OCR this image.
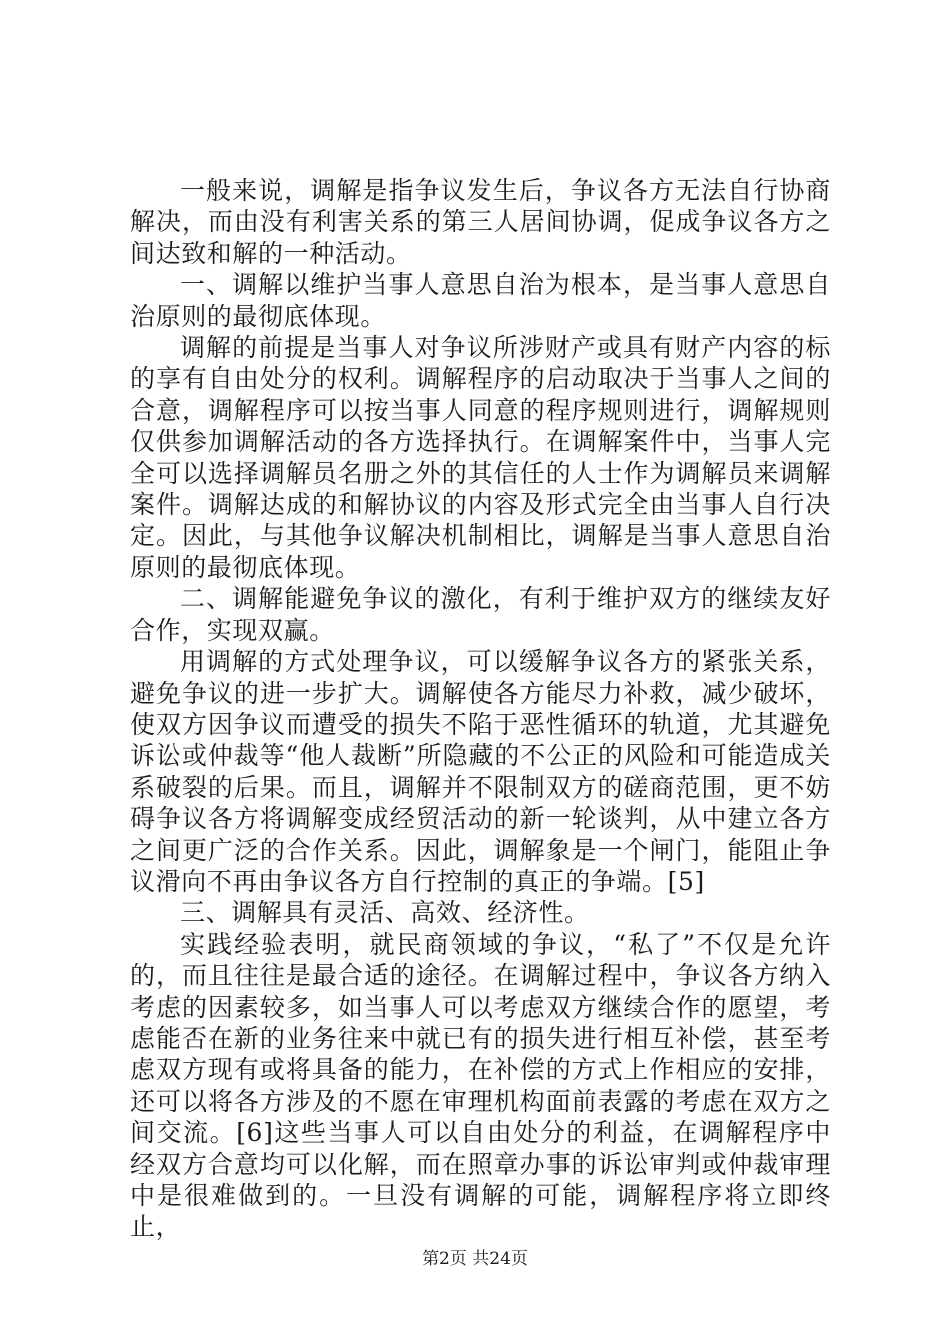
一般来说，调解是指争议发生后，争议各方无法自行协商解决，而由没有利害关系的第三人居间协调，促成争议各方之间达致和解的一种活动。

一、调解以维护当事人意思自治为根本，是当事人意思自治原则的最彻底体现。

调解的前提是当事人对争议所涉财产或具有财产内容的标的享有自由处分的权利。调解程序的启动取决于当事人之间的合意，调解程序可以按当事人同意的程序规则进行，调解规则仅供参加调解活动的各方选择执行。在调解案件中，当事人完全可以选择调解员名册之外的其信任的人士作为调解员来调解案件。调解达成的和解协议的内容及形式完全由当事人自行决定。因此，与其他争议解决机制相比，调解是当事人意思自治原则的最彻底体现。

二、调解能避免争议的激化，有利于维护双方的继续友好合作，实现双赢。

用调解的方式处理争议，可以缓解争议各方的紧张关系，避免争议的进一步扩大。调解使各方能尽力补救，减少破坏，使双方因争议而遭受的损失不陷于恶性循环的轨道，尤其避免诉讼或仲裁等“他人裁断”所隐藏的不公正的风险和可能造成关系破裂的后果。而且，调解并不限制双方的磋商范围，更不妨碍争议各方将调解变成经贸活动的新一轮谈判，从中建立各方之间更广泛的合作关系。因此，调解象是一个闸门，能阻止争议滑向不再由争议各方自行控制的真正的争端。[5]

三、调解具有灵活、高效、经济性。

实践经验表明，就民商领域的争议，“私了”不仅是允许的，而且往往是最合适的途径。在调解过程中，争议各方纳入考虑的因素较多，如当事人可以考虑双方继续合作的愿望，考虑能否在新的业务往来中就已有的损失进行相互补偿，甚至考虑双方现有或将具备的能力，在补偿的方式上作相应的安排，还可以将各方涉及的不愿在审理机构面前表露的考虑在双方之间交流。[6]这些当事人可以自由处分的利益，在调解程序中经双方合意均可以化解，而在照章办事的诉讼审判或仲裁审理中是很难做到的。一旦没有调解的可能，调解程序将立即终止，

第2页 共24页
